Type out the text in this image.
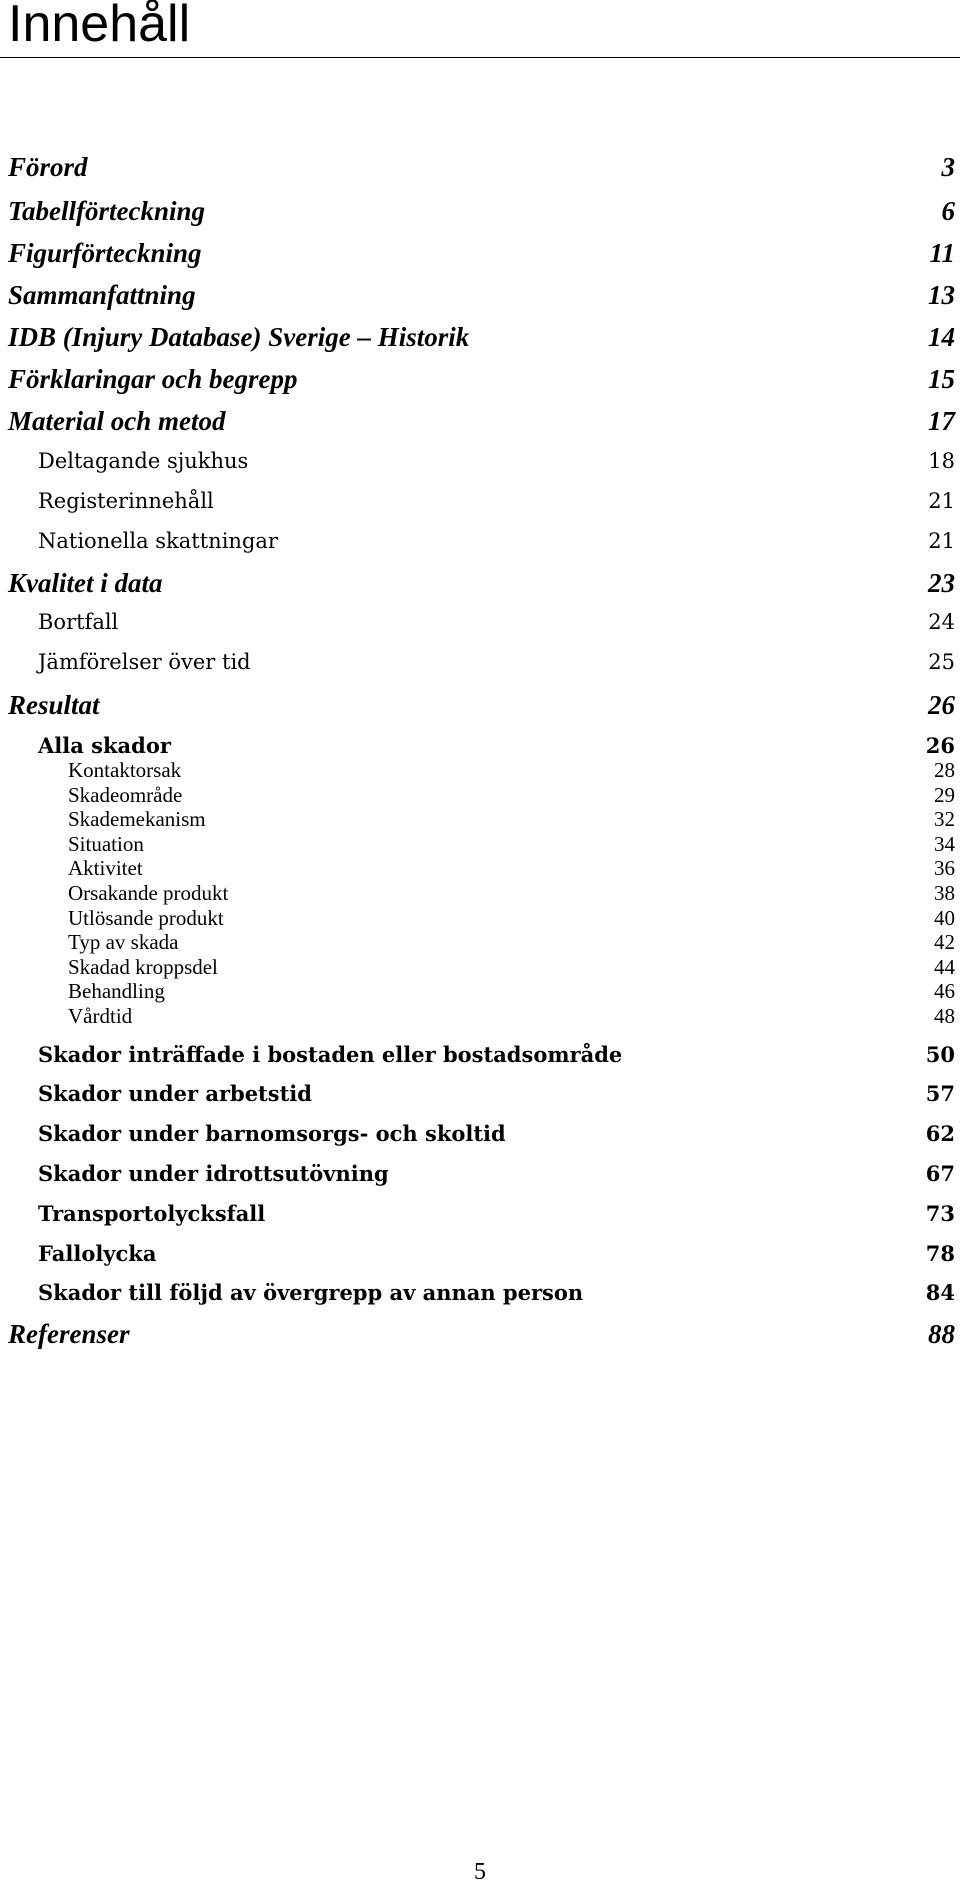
Innehåll
Förord	3
Tabellförteckning	6
Figurförteckning	11
Sammanfattning	13
IDB (Injury Database) Sverige – Historik	14
Förklaringar och begrepp	15
Material och metod	17
Deltagande sjukhus	18
Registerinnehåll	21
Nationella skattningar	21
Kvalitet i data	23
Bortfall	24
Jämförelser över tid	25
Resultat	26
Alla skador	26
Kontaktorsak	28
Skadeområde	29
Skademekanism	32
Situation	34
Aktivitet	36
Orsakande produkt	38
Utlösande produkt	40
Typ av skada	42
Skadad kroppsdel	44
Behandling	46
Vårdtid	48
Skador inträffade i bostaden eller bostadsområde	50
Skador under arbetstid	57
Skador under barnomsorgs- och skoltid	62
Skador under idrottsutövning	67
Transportolycksfall	73
Fallolycka	78
Skador till följd av övergrepp av annan person	84
Referenser	88
5
